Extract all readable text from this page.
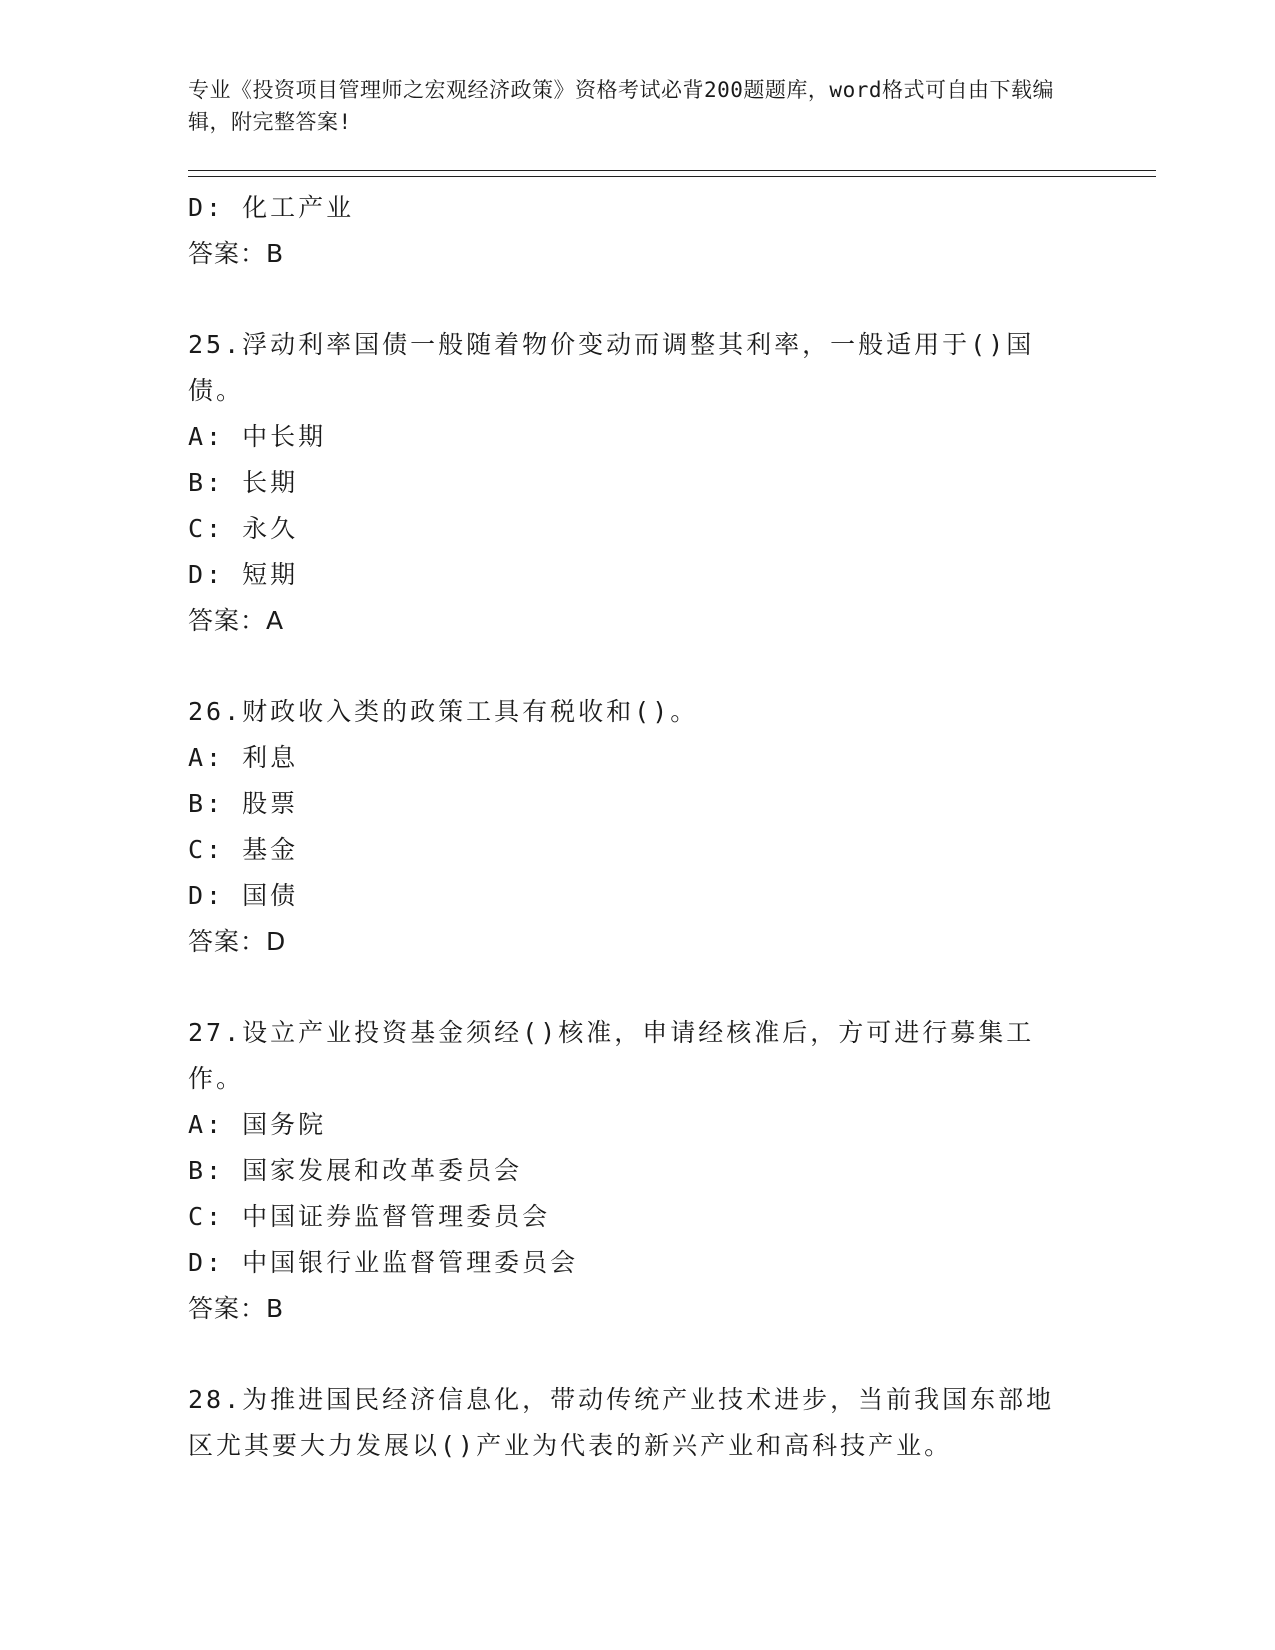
专业《投资项目管理师之宏观经济政策》资格考试必背200题题库，word格式可自由下载编辑，附完整答案!
D: 化工产业
答案：B
25.浮动利率国债一般随着物价变动而调整其利率，一般适用于()国债。
A: 中长期
B: 长期
C: 永久
D: 短期
答案：A
26.财政收入类的政策工具有税收和()。
A: 利息
B: 股票
C: 基金
D: 国债
答案：D
27.设立产业投资基金须经()核准，申请经核准后，方可进行募集工作。
A: 国务院
B: 国家发展和改革委员会
C: 中国证券监督管理委员会
D: 中国银行业监督管理委员会
答案：B
28.为推进国民经济信息化，带动传统产业技术进步，当前我国东部地区尤其要大力发展以()产业为代表的新兴产业和高科技产业。
